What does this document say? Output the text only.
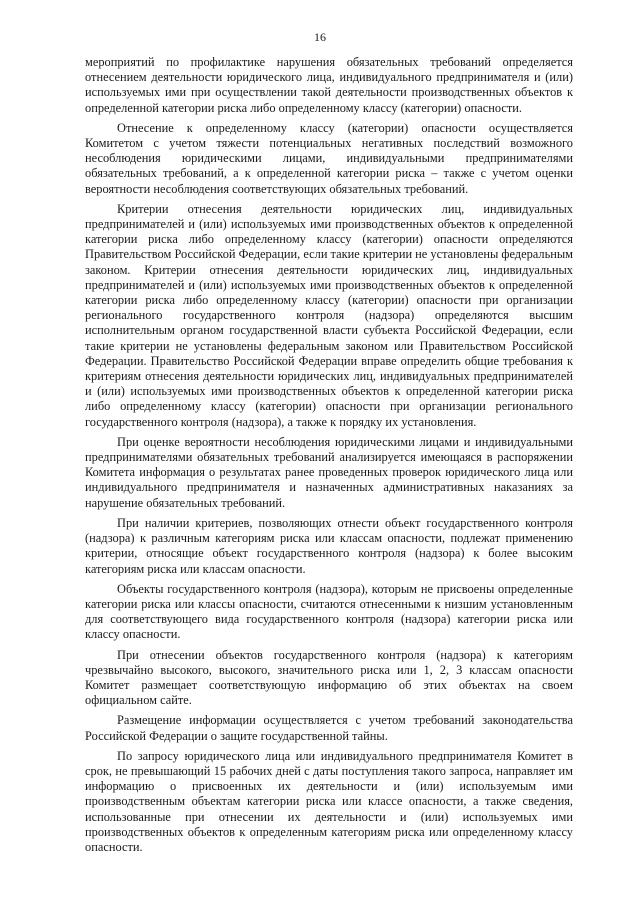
16

мероприятий по профилактике нарушения обязательных требований определяется отнесением деятельности юридического лица, индивидуального предпринимателя и (или) используемых ими при осуществлении такой деятельности производственных объектов к определенной категории риска либо определенному классу (категории) опасности.

Отнесение к определенному классу (категории) опасности осуществляется Комитетом с учетом тяжести потенциальных негативных последствий возможного несоблюдения юридическими лицами, индивидуальными предпринимателями обязательных требований, а к определенной категории риска – также с учетом оценки вероятности несоблюдения соответствующих обязательных требований.

Критерии отнесения деятельности юридических лиц, индивидуальных предпринимателей и (или) используемых ими производственных объектов к определенной категории риска либо определенному классу (категории) опасности определяются Правительством Российской Федерации, если такие критерии не установлены федеральным законом. Критерии отнесения деятельности юридических лиц, индивидуальных предпринимателей и (или) используемых ими производственных объектов к определенной категории риска либо определенному классу (категории) опасности при организации регионального государственного контроля (надзора) определяются высшим исполнительным органом государственной власти субъекта Российской Федерации, если такие критерии не установлены федеральным законом или Правительством Российской Федерации. Правительство Российской Федерации вправе определить общие требования к критериям отнесения деятельности юридических лиц, индивидуальных предпринимателей и (или) используемых ими производственных объектов к определенной категории риска либо определенному классу (категории) опасности при организации регионального государственного контроля (надзора), а также к порядку их установления.

При оценке вероятности несоблюдения юридическими лицами и индивидуальными предпринимателями обязательных требований анализируется имеющаяся в распоряжении Комитета информация о результатах ранее проведенных проверок юридического лица или индивидуального предпринимателя и назначенных административных наказаниях за нарушение обязательных требований.

При наличии критериев, позволяющих отнести объект государственного контроля (надзора) к различным категориям риска или классам опасности, подлежат применению критерии, относящие объект государственного контроля (надзора) к более высоким категориям риска или классам опасности.

Объекты государственного контроля (надзора), которым не присвоены определенные категории риска или классы опасности, считаются отнесенными к низшим установленным для соответствующего вида государственного контроля (надзора) категории риска или классу опасности.

При отнесении объектов государственного контроля (надзора) к категориям чрезвычайно высокого, высокого, значительного риска или 1, 2, 3 классам опасности Комитет размещает соответствующую информацию об этих объектах на своем официальном сайте.

Размещение информации осуществляется с учетом требований законодательства Российской Федерации о защите государственной тайны.

По запросу юридического лица или индивидуального предпринимателя Комитет в срок, не превышающий 15 рабочих дней с даты поступления такого запроса, направляет им информацию о присвоенных их деятельности и (или) используемым ими производственным объектам категории риска или классе опасности, а также сведения, использованные при отнесении их деятельности и (или) используемых ими производственных объектов к определенным категориям риска или определенному классу опасности.
